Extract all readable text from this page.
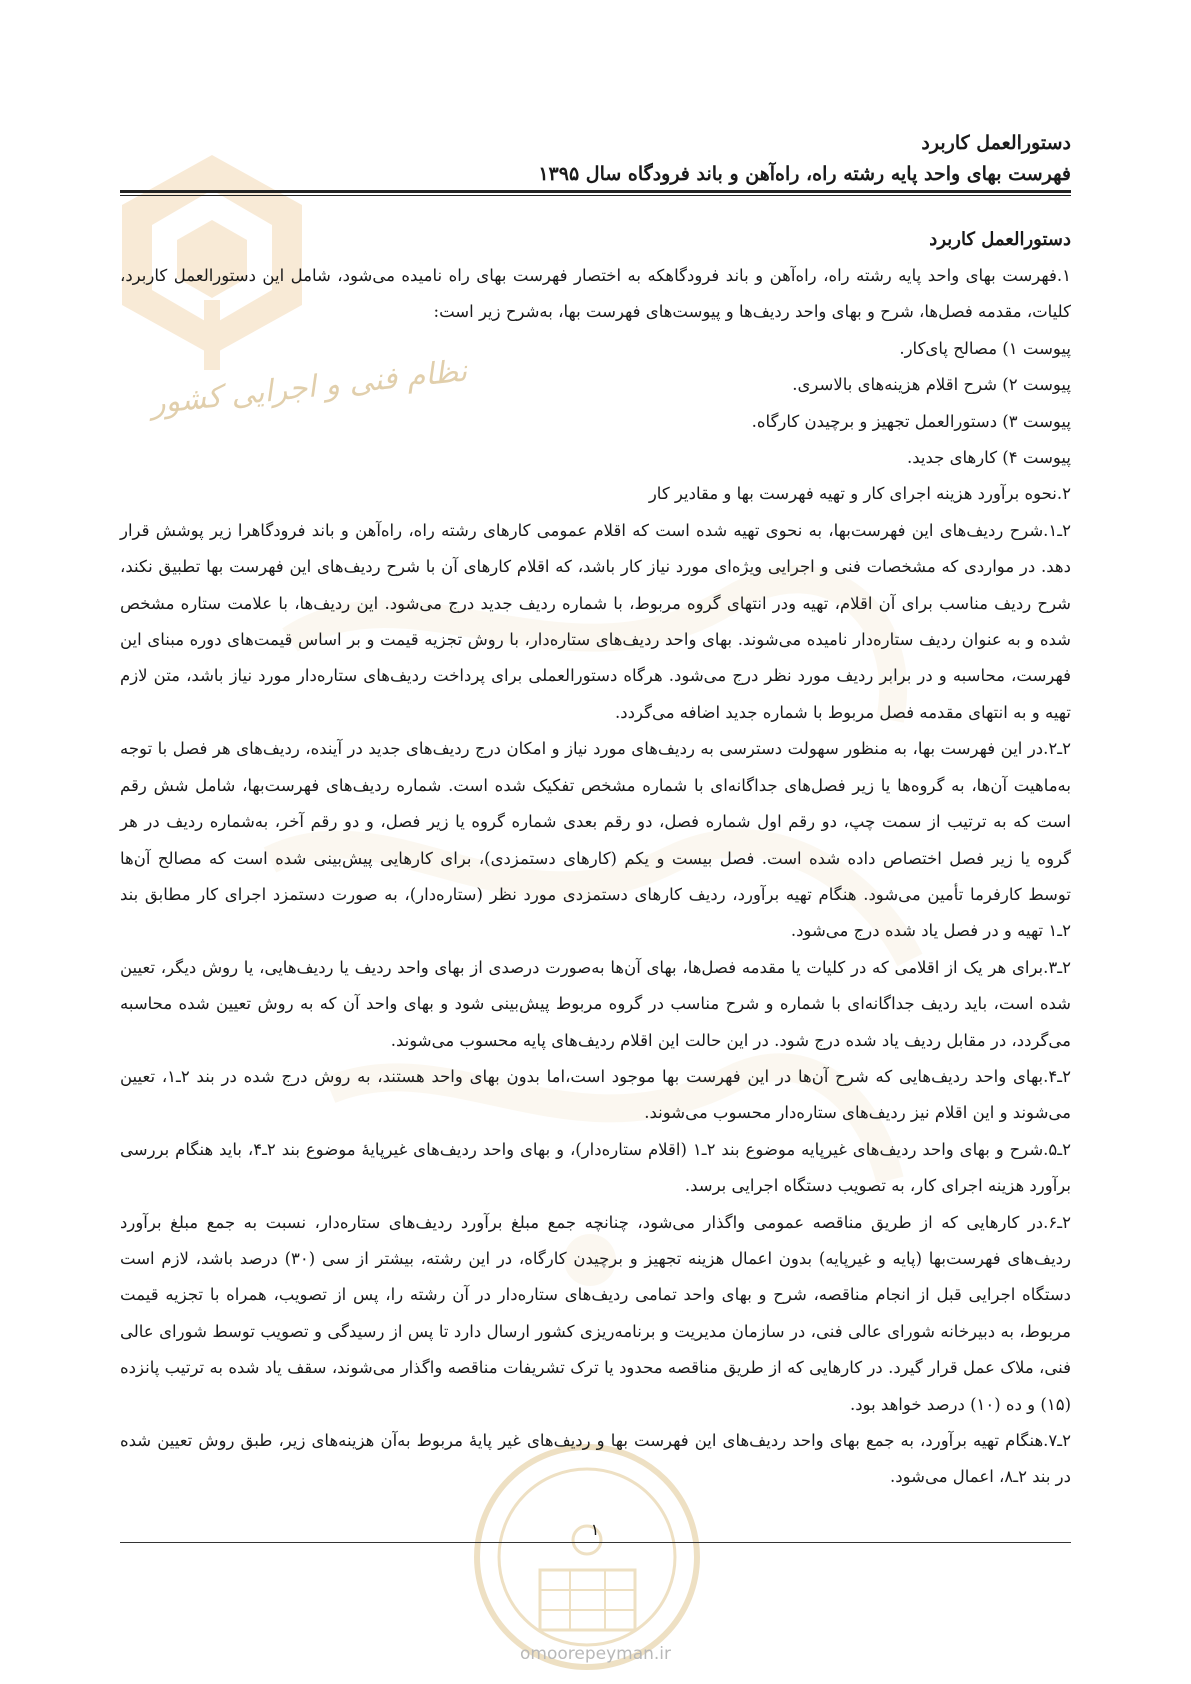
نظام فنی و اجرایی کشور
دستورالعمل کاربرد
فهرست بهای واحد پایه رشته راه، راه‌آهن و باند فرودگاه سال ۱۳۹۵
دستورالعمل کاربرد

۱.فهرست بهای واحد پایه رشته راه، راه‌آهن و باند فرودگاهکه به اختصار فهرست بهای راه نامیده می‌شود، شامل این دستورالعمل کاربرد، کلیات، مقدمه فصل‌ها، شرح و بهای واحد ردیف‌ها و پیوست‌های فهرست بها، به‌شرح زیر است:

پیوست ۱) مصالح پای‌کار.

پیوست ۲) شرح اقلام هزینه‌های بالاسری.

پیوست ۳) دستورالعمل تجهیز و برچیدن کارگاه.

پیوست ۴) کارهای جدید.

۲.نحوه برآورد هزینه اجرای کار و تهیه فهرست بها و مقادیر کار

۲ـ۱.شرح ردیف‌های این فهرست‌بها، به نحوی تهیه شده است که اقلام عمومی کارهای رشته راه، راه‌آهن و باند فرودگاهرا زیر پوشش قرار دهد. در مواردی که مشخصات فنی و اجرایی ویژه‌ای مورد نیاز کار باشد، که اقلام کارهای آن با شرح ردیف‌های این فهرست بها تطبیق نکند، شرح ردیف مناسب برای آن اقلام، تهیه ودر انتهای گروه مربوط، با شماره ردیف جدید درج می‌شود. این ردیف‌ها، با علامت ستاره مشخص شده و به عنوان ردیف ستاره‌دار نامیده می‌شوند. بهای واحد ردیف‌های ستاره‌دار، با روش تجزیه قیمت و بر اساس قیمت‌های دوره مبنای این فهرست، محاسبه و در برابر ردیف مورد نظر درج می‌شود. هرگاه دستورالعملی برای پرداخت ردیف‌های ستاره‌دار مورد نیاز باشد، متن لازم تهیه و به انتهای مقدمه فصل مربوط با شماره جدید اضافه می‌گردد.

۲ـ۲.در این فهرست بها، به منظور سهولت دسترسی به ردیف‌های مورد نیاز و امکان درج ردیف‌های جدید در آینده، ردیف‌های هر فصل با توجه به‌ماهیت آن‌ها، به گروه‌ها یا زیر فصل‌های جداگانه‌ای با شماره مشخص تفکیک شده است. شماره ردیف‌های فهرست‌بها، شامل شش رقم است که به ترتیب از سمت چپ، دو رقم اول شماره فصل، دو رقم بعدی شماره گروه یا زیر فصل، و دو رقم آخر، به‌شماره ردیف در هر گروه یا زیر فصل اختصاص داده شده است. فصل بیست و یکم (کارهای دستمزدی)، برای کارهایی پیش‌بینی شده است که مصالح آن‌ها توسط کارفرما تأمین می‌شود. هنگام تهیه برآورد، ردیف کارهای دستمزدی مورد نظر (ستاره‌دار)، به صورت دستمزد اجرای کار مطابق بند ۲ـ۱ تهیه و در فصل یاد شده درج می‌شود.

۲ـ۳.برای هر یک از اقلامی که در کلیات یا مقدمه فصل‌ها، بهای آن‌ها به‌صورت درصدی از بهای واحد ردیف یا ردیف‌هایی، یا روش دیگر، تعیین شده است، باید ردیف جداگانه‌ای با شماره و شرح مناسب در گروه مربوط پیش‌بینی شود و بهای واحد آن که به روش تعیین شده محاسبه می‌گردد، در مقابل ردیف یاد شده درج شود. در این حالت این اقلام ردیف‌های پایه محسوب می‌شوند.

۲ـ۴.بهای واحد ردیف‌هایی که شرح آن‌ها در این فهرست بها موجود است،اما بدون بهای واحد هستند، به روش درج شده در بند ۲ـ۱، تعیین می‌شوند و این اقلام نیز ردیف‌های ستاره‌دار محسوب می‌شوند.

۲ـ۵.شرح و بهای واحد ردیف‌های غیرپایه موضوع بند ۲ـ۱ (اقلام ستاره‌دار)، و بهای واحد ردیف‌های غیرپایهٔ موضوع بند ۲ـ۴، باید هنگام بررسی برآورد هزینه اجرای کار، به تصویب دستگاه اجرایی برسد.

۲ـ۶.در کارهایی که از طریق مناقصه عمومی واگذار می‌شود، چنانچه جمع مبلغ برآورد ردیف‌های ستاره‌دار، نسبت به جمع مبلغ برآورد ردیف‌های فهرست‌بها (پایه و غیرپایه) بدون اعمال هزینه تجهیز و برچیدن کارگاه، در این رشته، بیشتر از سی (۳۰) درصد باشد، لازم است دستگاه اجرایی قبل از انجام مناقصه، شرح و بهای واحد تمامی ردیف‌های ستاره‌دار در آن رشته را، پس از تصویب، همراه با تجزیه قیمت مربوط، به دبیرخانه شورای عالی فنی، در سازمان مدیریت و برنامه‌ریزی کشور ارسال دارد تا پس از رسیدگی و تصویب توسط شورای عالی فنی، ملاک عمل قرار گیرد. در کارهایی که از طریق مناقصه محدود یا ترک تشریفات مناقصه واگذار می‌شوند، سقف یاد شده به ترتیب پانزده (۱۵) و ده (۱۰) درصد خواهد بود.

۲ـ۷.هنگام تهیه برآورد، به جمع بهای واحد ردیف‌های این فهرست بها و ردیف‌های غیر پایهٔ مربوط به‌آن هزینه‌های زیر، طبق روش تعیین شده در بند ۲ـ۸، اعمال می‌شود.

۱
omoorepeyman.ir
